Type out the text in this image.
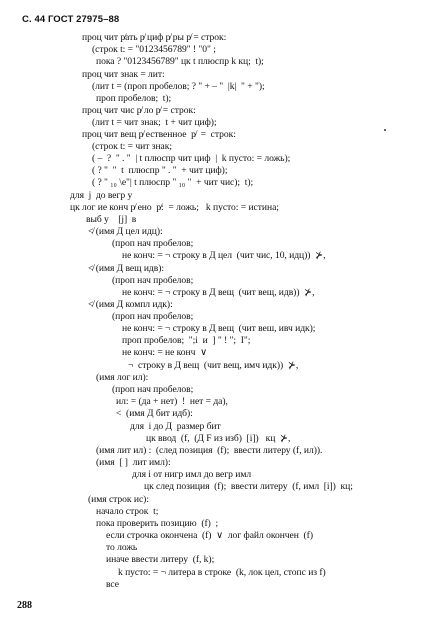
С. 44 ГОСТ 27975–88
проц чит р̸ать р̸ циф р̸ ры р̸ = строк:
(строк t: = "0123456789" ! "0" ;
пока ? "0123456789" цк t плюспр k кц;  t);
проц чит знак = лит:
(лит t = (проп пробелов; ? " + – "  |k|  " + ");
проп пробелов;  t);
проц чит чис р̸ ло р̸ = строк:
(лит t = чит знак;  t + чит циф);
проц чит вещ р̸ ественное  р̸  =  строк:
(строк t: = чит знак;
( –  ?  " . "  | t плюспр чит циф  |  k пусто: = ложь);
( ? "  "  t  плюспр " . "  + чит циф);
( ? " ₁₀ \e"| t плюспр " ₁₀ "  + чит чис);  t);
для  j  до вегр у
цк лог ие конч р̸ ено  р̸:  = ложь;   k пусто: = истина;
выб у    [j]  в
≮ (имя Д цел идц):
(проп нач пробелов;
не конч: = ¬ строку в Д цел  (чит чис, 10, идц))  ⊁,
≮ (имя Д вещ идв):
(проп нач пробелов;
не конч: = ¬ строку в Д вещ  (чит вещ, идв))  ⊁,
≮ (имя Д компл идк):
(проп нач пробелов;
не конч: = ¬ строку в Д вещ  (чит веш, ивч идк);
проп пробелов;  ";i  и  ] " ! ";  I";
не конч: = не конч  ∨
¬  строку в Д вещ  (чит вещ, имч идк))  ⊁,
(имя лог ил):
(проп нач пробелов;
ил: = (да + нет)  !  нет = да),
<  (имя Д бит идб):
для  i до Д  размер бит
цк ввод  (f,  (Д F из изб)  [i])   кц  ⊁,
(имя лит ил) :  (след позиция  (f);  ввести литеру (f, ил)).
(имя  [ ]  лит имл):
для i от нигр имл до вегр имл
цк след позиция  (f);  ввести литеру  (f, имл  [i])  кц;
(имя строк ис):
начало строк  t;
пока проверить позицию  (f)  ;
если строчка окончена  (f)  ∨  лог файл окончен  (f)
то ложь
иначе ввести литеру  (f, k);
k пусто: = ¬ литера в строке  (k, лок цел, стопс из f)
все
288
